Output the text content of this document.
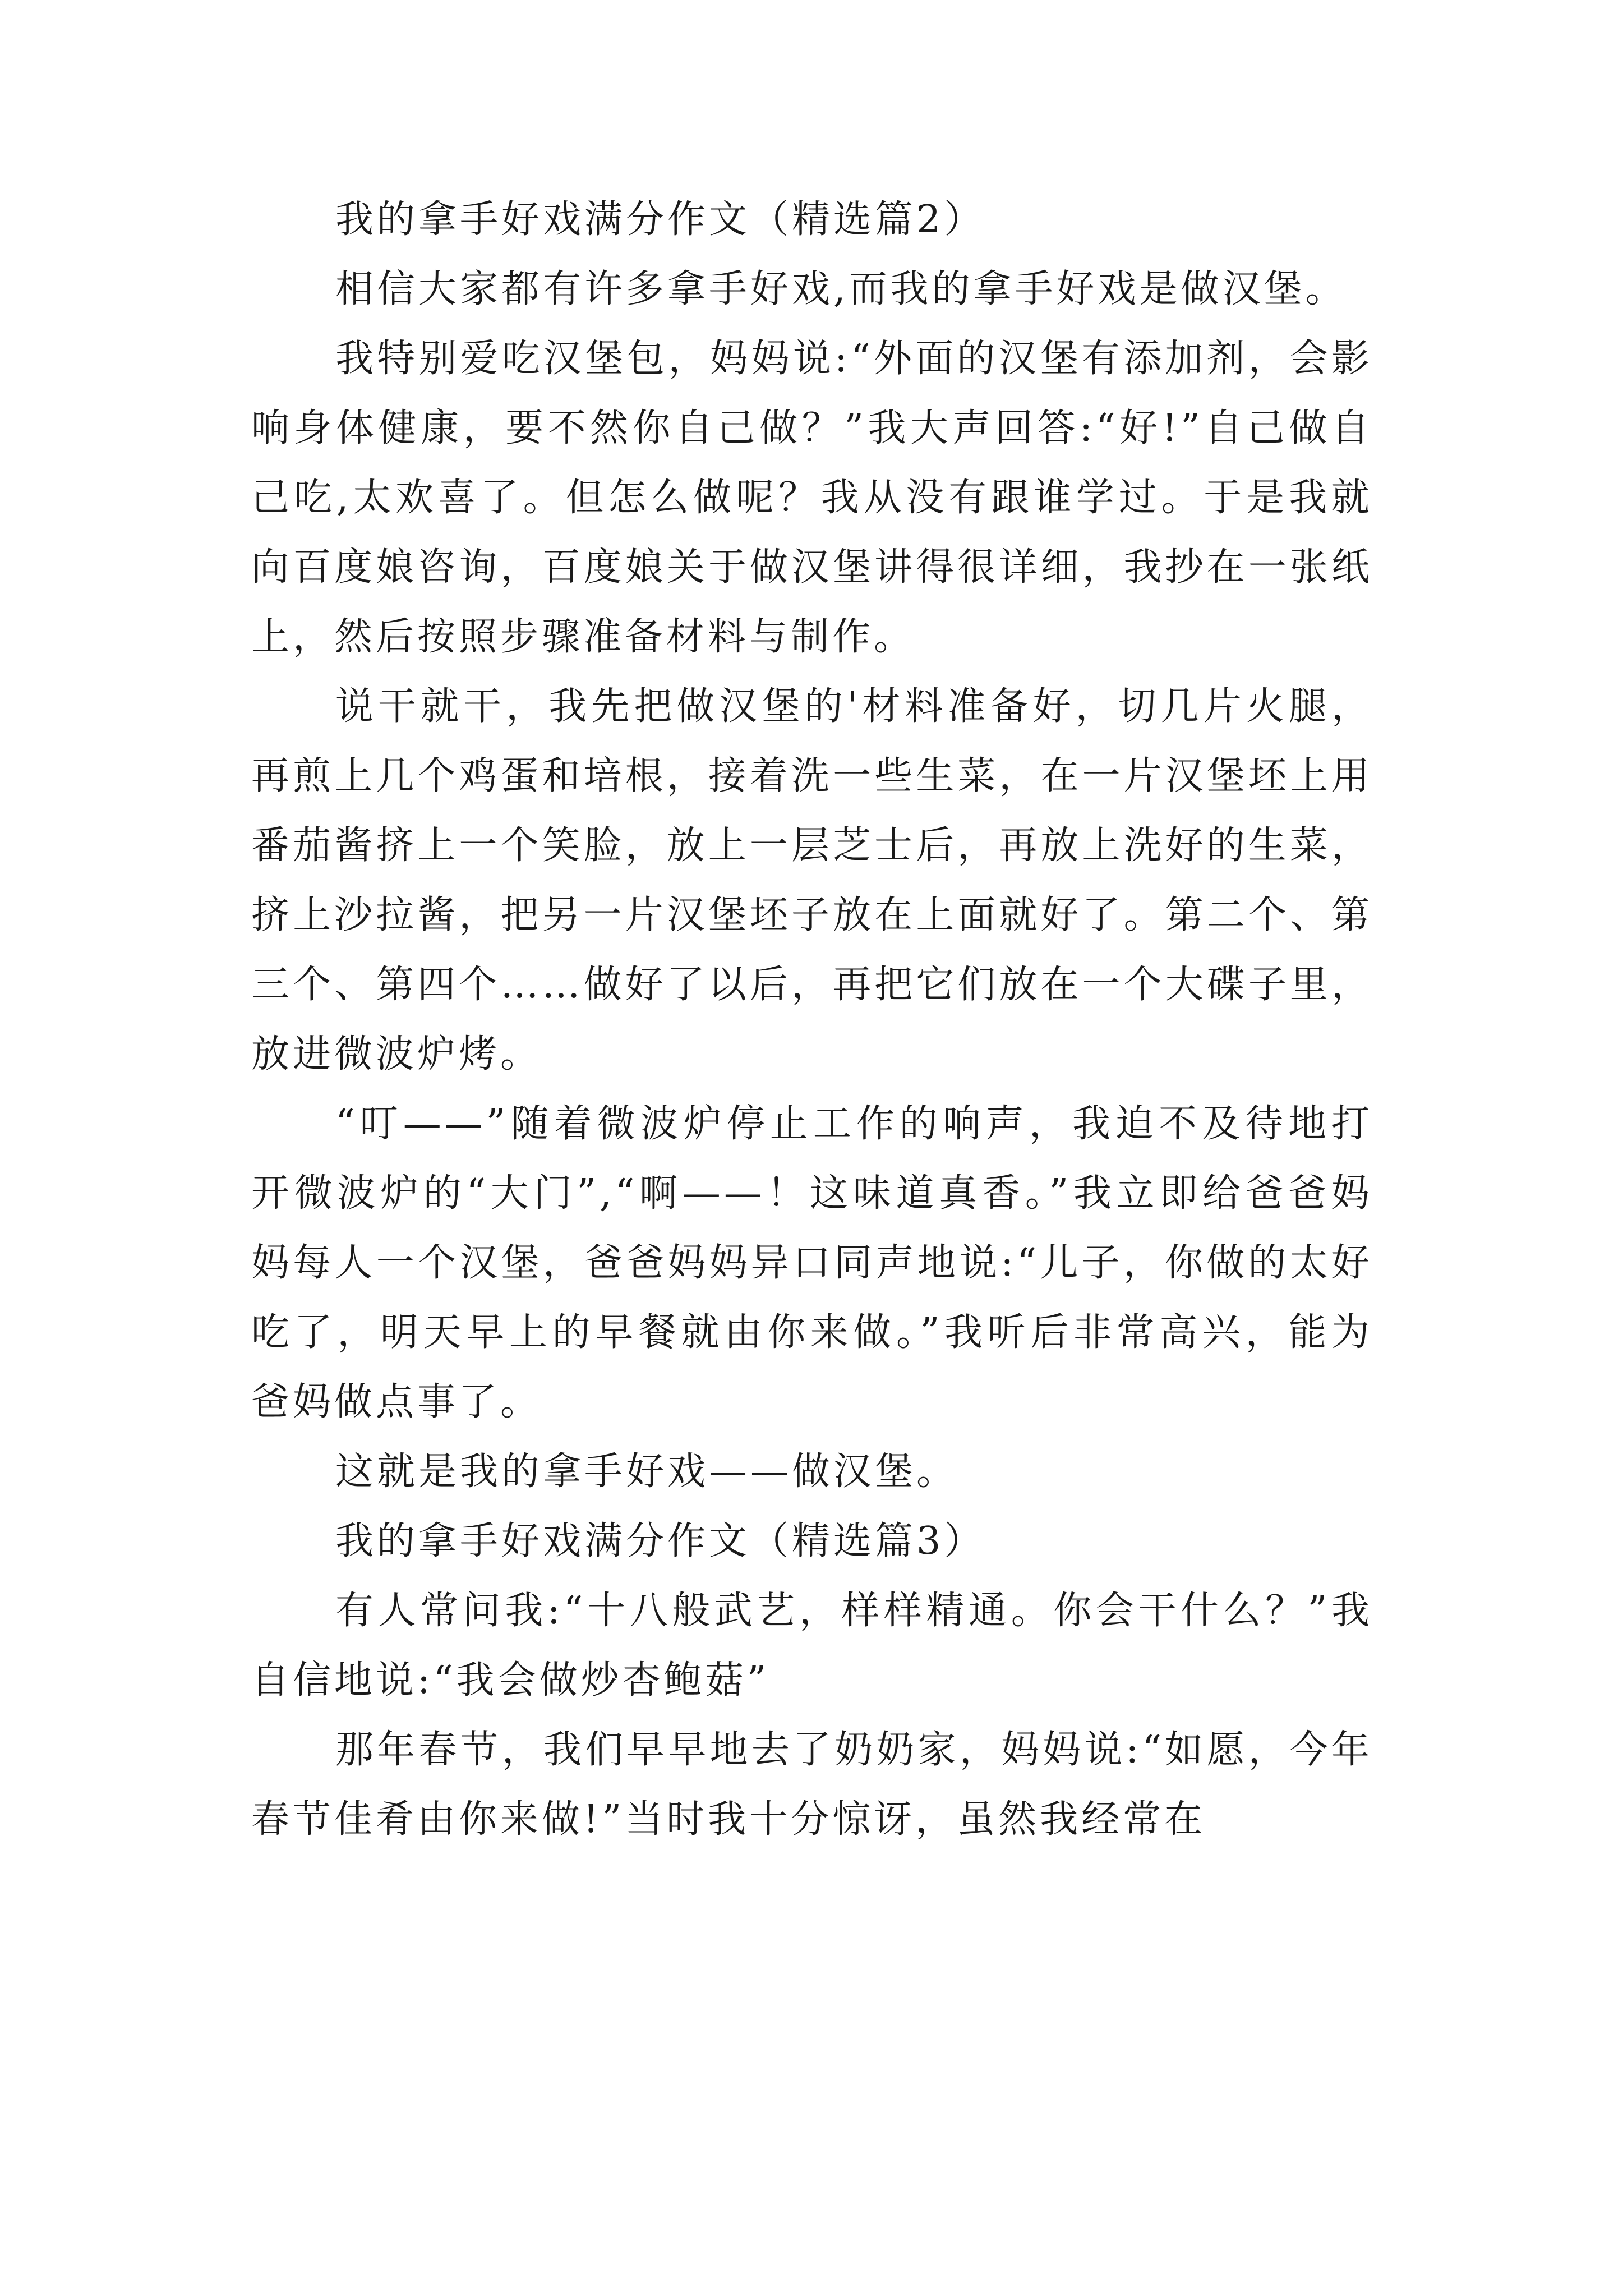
我的拿手好戏满分作文（精选篇2）

相信大家都有许多拿手好戏,而我的拿手好戏是做汉堡。

我特别爱吃汉堡包，妈妈说:“外面的汉堡有添加剂，会影响身体健康，要不然你自己做？”我大声回答:“好!”自己做自己吃,太欢喜了。但怎么做呢？我从没有跟谁学过。于是我就向百度娘咨询，百度娘关于做汉堡讲得很详细，我抄在一张纸上，然后按照步骤准备材料与制作。

说干就干，我先把做汉堡的'材料准备好，切几片火腿，再煎上几个鸡蛋和培根，接着洗一些生菜，在一片汉堡坯上用番茄酱挤上一个笑脸，放上一层芝士后，再放上洗好的生菜，挤上沙拉酱，把另一片汉堡坯子放在上面就好了。第二个、第三个、第四个……做好了以后，再把它们放在一个大碟子里，放进微波炉烤。

“叮——”随着微波炉停止工作的响声，我迫不及待地打开微波炉的“大门”,“啊——！这味道真香。”我立即给爸爸妈妈每人一个汉堡，爸爸妈妈异口同声地说:“儿子，你做的太好吃了，明天早上的早餐就由你来做。”我听后非常高兴，能为爸妈做点事了。

这就是我的拿手好戏——做汉堡。

我的拿手好戏满分作文（精选篇3）

有人常问我:“十八般武艺，样样精通。你会干什么？”我自信地说:“我会做炒杏鲍菇”

那年春节，我们早早地去了奶奶家，妈妈说:“如愿，今年春节佳肴由你来做!”当时我十分惊讶，虽然我经常在
